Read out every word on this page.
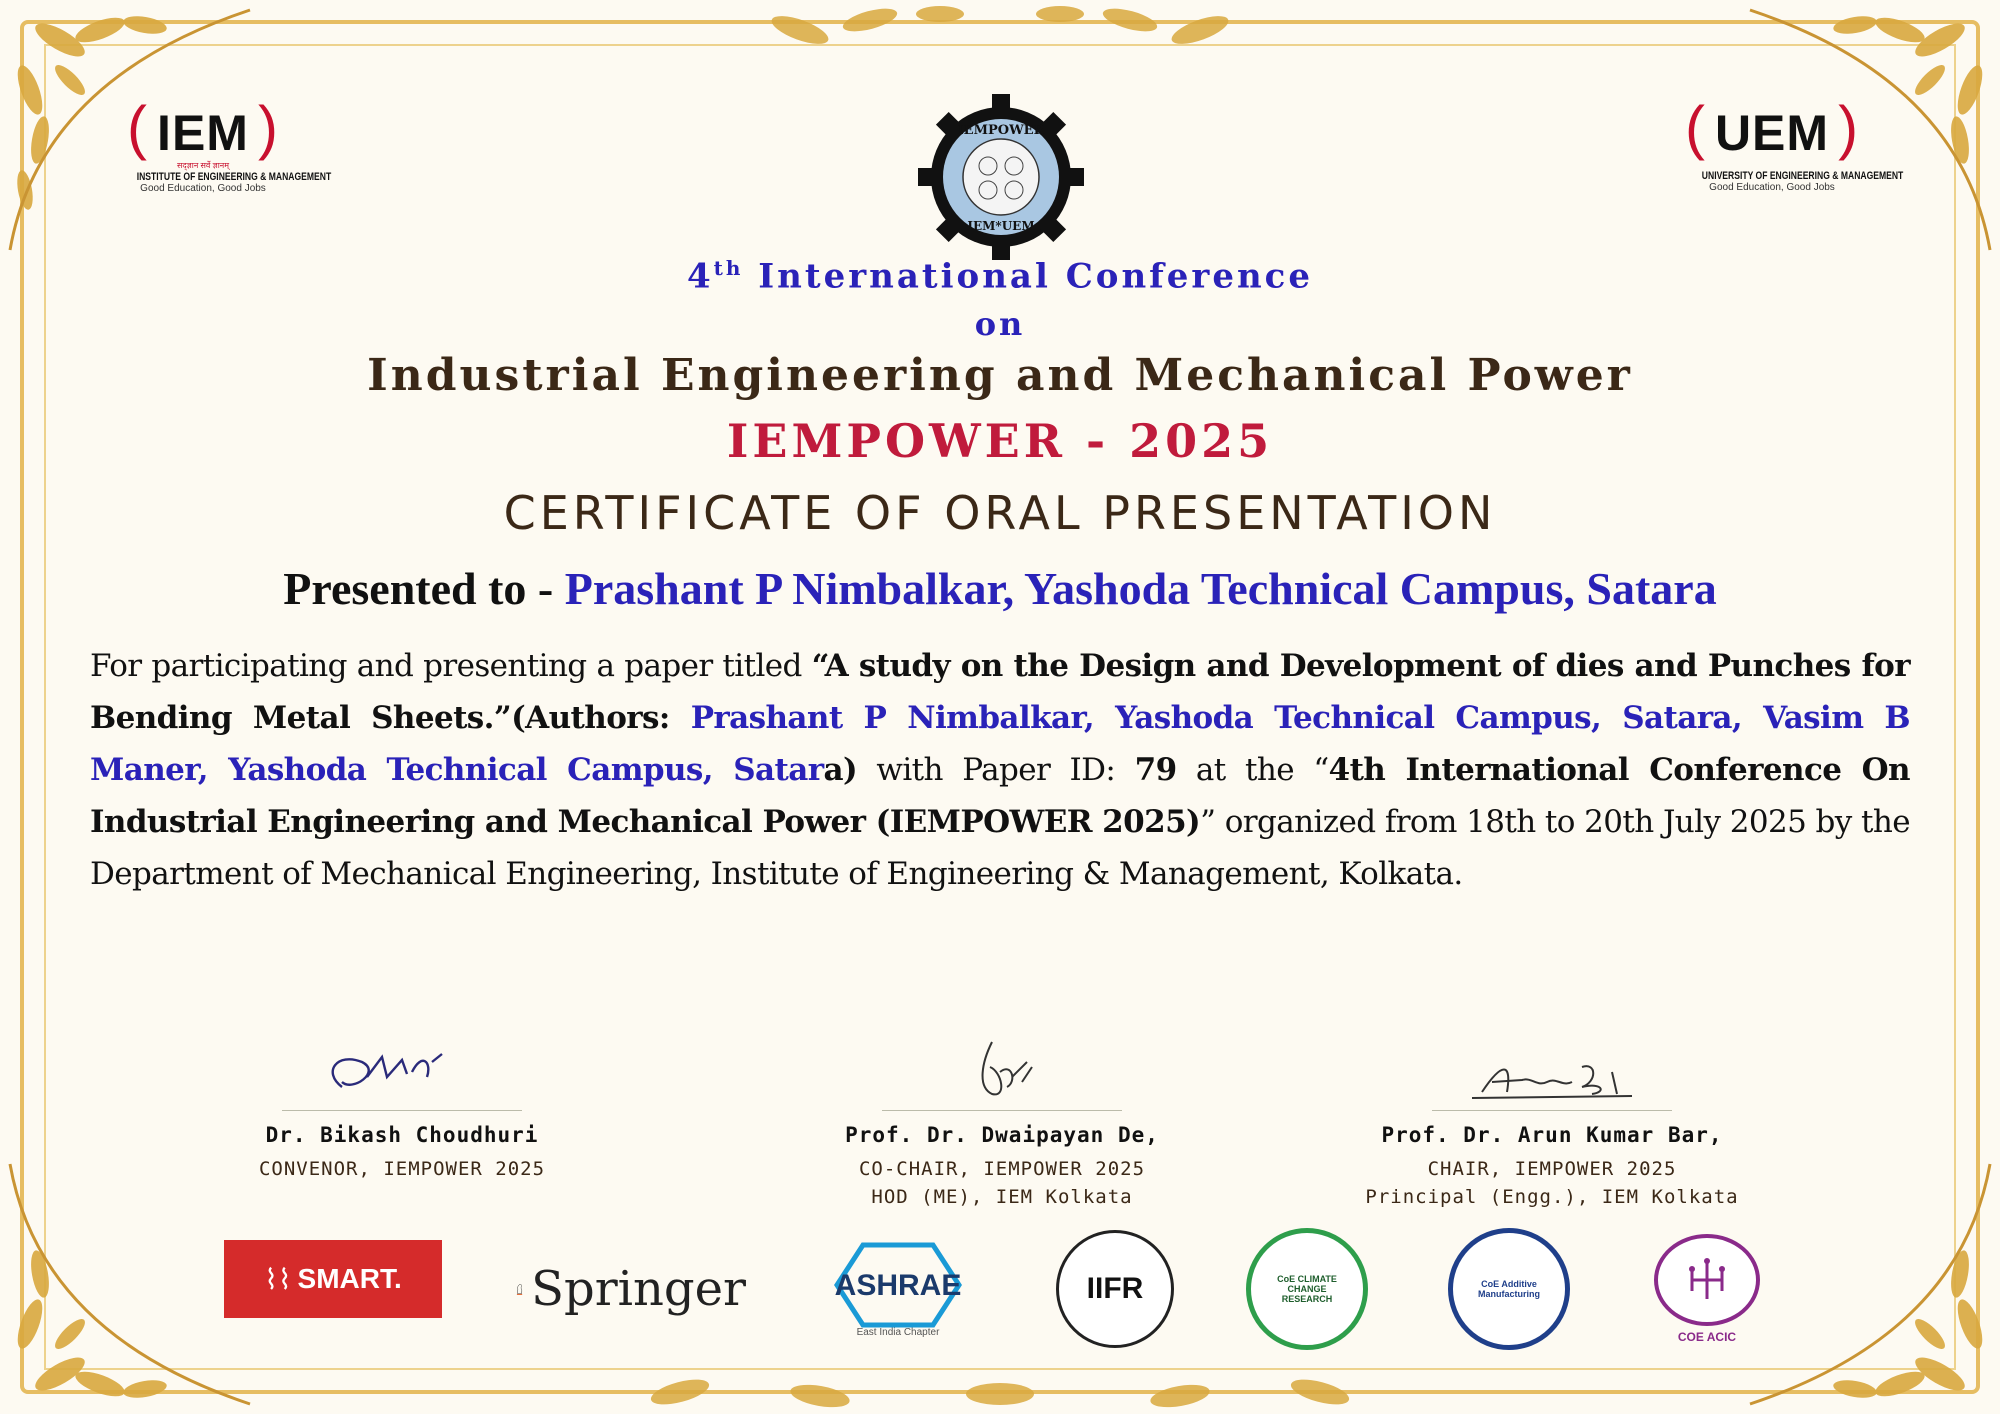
( IEM )
सद्‌ज्ञान सर्वे ज्ञानम्
INSTITUTE OF ENGINEERING & MANAGEMENT
Good Education, Good Jobs
( UEM )
UNIVERSITY OF ENGINEERING & MANAGEMENT
Good Education, Good Jobs
IEMPOWER
IEM*UEM
4th International Conference
on
Industrial Engineering and Mechanical Power
IEMPOWER - 2025
CERTIFICATE OF ORAL PRESENTATION
Presented to - Prashant P Nimbalkar, Yashoda Technical Campus, Satara
For participating and presenting a paper titled “A study on the Design and Development of dies and Punches for Bending Metal Sheets.”(Authors: Prashant P Nimbalkar, Yashoda Technical Campus, Satara, Vasim B Maner, Yashoda Technical Campus, Satara) with Paper ID: 79 at the “4th International Conference On Industrial Engineering and Mechanical Power (IEMPOWER 2025)” organized from 18th to 20th July 2025 by the Department of Mechanical Engineering, Institute of Engineering & Management, Kolkata.
Dr. Bikash Choudhuri
CONVENOR, IEMPOWER 2025
Prof. Dr. Dwaipayan De,
CO-CHAIR, IEMPOWER 2025
HOD (ME), IEM Kolkata
Prof. Dr. Arun Kumar Bar,
CHAIR, IEMPOWER 2025
Principal (Engg.), IEM Kolkata
⌇⌇ SMART.	Springer	ASHRAE
East India Chapter
IIFR	CoE CLIMATE CHANGE RESEARCH
CoE Additive Manufacturing
COE ACIC
